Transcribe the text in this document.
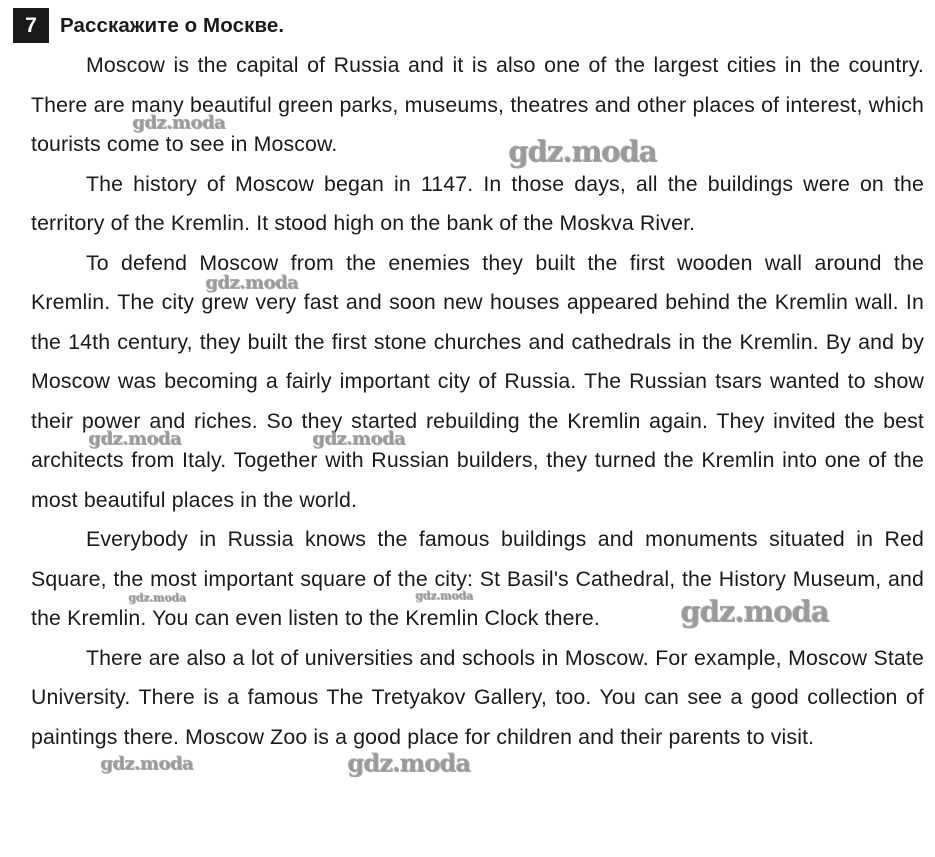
7	Расскажите о Москве.

Moscow is the capital of Russia and it is also one of the largest cities in the country. There are many beautiful green parks, museums, theatres and other places of interest, which tourists come to see in Moscow.

The history of Moscow began in 1147. In those days, all the buildings were on the territory of the Kremlin. It stood high on the bank of the Moskva River.

To defend Moscow from the enemies they built the first wooden wall around the Kremlin. The city grew very fast and soon new houses appeared behind the Kremlin wall. In the 14th century, they built the first stone churches and cathedrals in the Kremlin. By and by Moscow was becoming a fairly important city of Russia. The Russian tsars wanted to show their power and riches. So they started rebuilding the Kremlin again. They invited the best architects from Italy. Together with Russian builders, they turned the Kremlin into one of the most beautiful places in the world.

Everybody in Russia knows the famous buildings and monuments situated in Red Square, the most important square of the city: St Basil's Cathedral, the History Museum, and the Kremlin. You can even listen to the Kremlin Clock there.

There are also a lot of universities and schools in Moscow. For example, Moscow State University. There is a famous The Tretyakov Gallery, too. You can see a good collection of paintings there. Moscow Zoo is a good place for children and their parents to visit.

gdz.moda
gdz.moda
gdz.moda
gdz.moda	gdz.moda
gdz.moda	gdz.moda	gdz.moda
gdz.moda	gdz.moda
